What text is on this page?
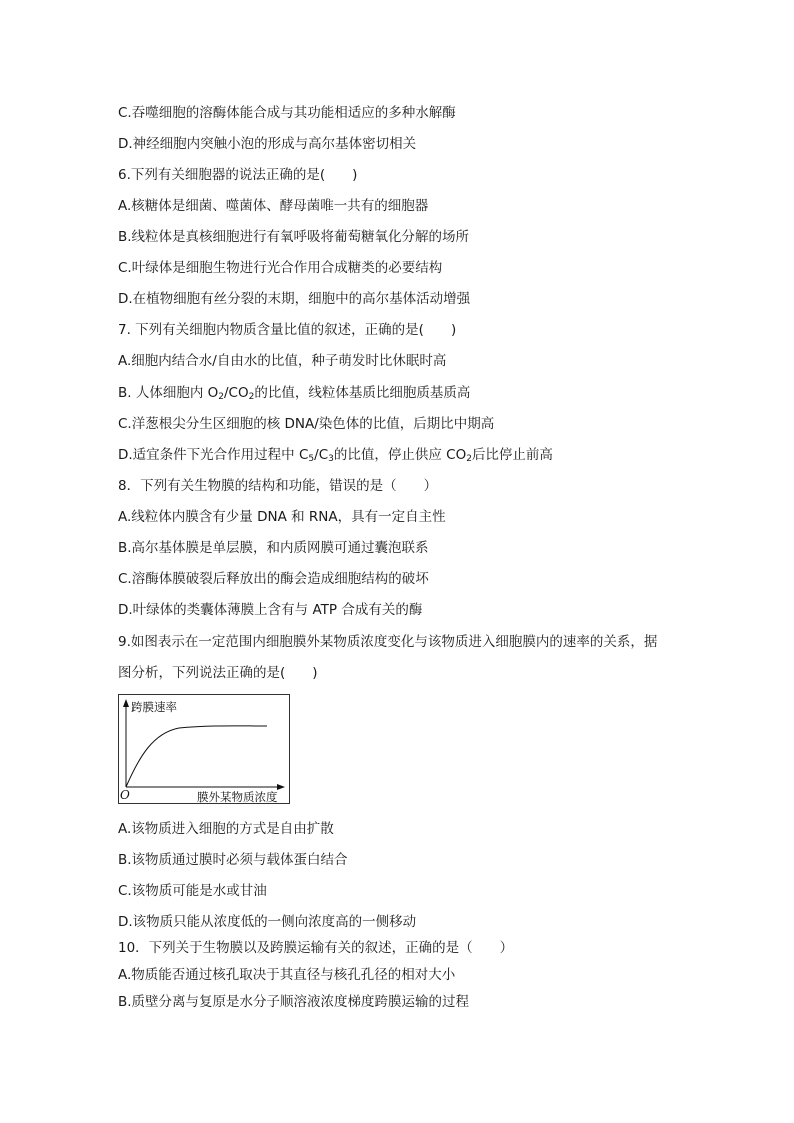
C.吞噬细胞的溶酶体能合成与其功能相适应的多种水解酶
D.神经细胞内突触小泡的形成与高尔基体密切相关
6.下列有关细胞器的说法正确的是(　　)
A.核糖体是细菌、噬菌体、酵母菌唯一共有的细胞器
B.线粒体是真核细胞进行有氧呼吸将葡萄糖氧化分解的场所
C.叶绿体是细胞生物进行光合作用合成糖类的必要结构
D.在植物细胞有丝分裂的末期，细胞中的高尔基体活动增强
7. 下列有关细胞内物质含量比值的叙述，正确的是(　　)
A.细胞内结合水/自由水的比值，种子萌发时比休眠时高
B. 人体细胞内 $O_2/CO_2$的比值，线粒体基质比细胞质基质高
C.洋葱根尖分生区细胞的核 DNA/染色体的比值，后期比中期高
D.适宜条件下光合作用过程中 $C_5/C_3$的比值，停止供应 $CO_2$后比停止前高
8．下列有关生物膜的结构和功能，错误的是（　　）
A.线粒体内膜含有少量 DNA 和 RNA，具有一定自主性
B.高尔基体膜是单层膜，和内质网膜可通过囊泡联系
C.溶酶体膜破裂后释放出的酶会造成细胞结构的破坏
D.叶绿体的类囊体薄膜上含有与 ATP 合成有关的酶
9.如图表示在一定范围内细胞膜外某物质浓度变化与该物质进入细胞膜内的速率的关系，据
图分析，下列说法正确的是(　　)
跨膜速率
膜外某物质浓度
O
A.该物质进入细胞的方式是自由扩散
B.该物质通过膜时必须与载体蛋白结合
C.该物质可能是水或甘油
D.该物质只能从浓度低的一侧向浓度高的一侧移动
10．下列关于生物膜以及跨膜运输有关的叙述，正确的是（　　）
A.物质能否通过核孔取决于其直径与核孔孔径的相对大小
B.质壁分离与复原是水分子顺溶液浓度梯度跨膜运输的过程
